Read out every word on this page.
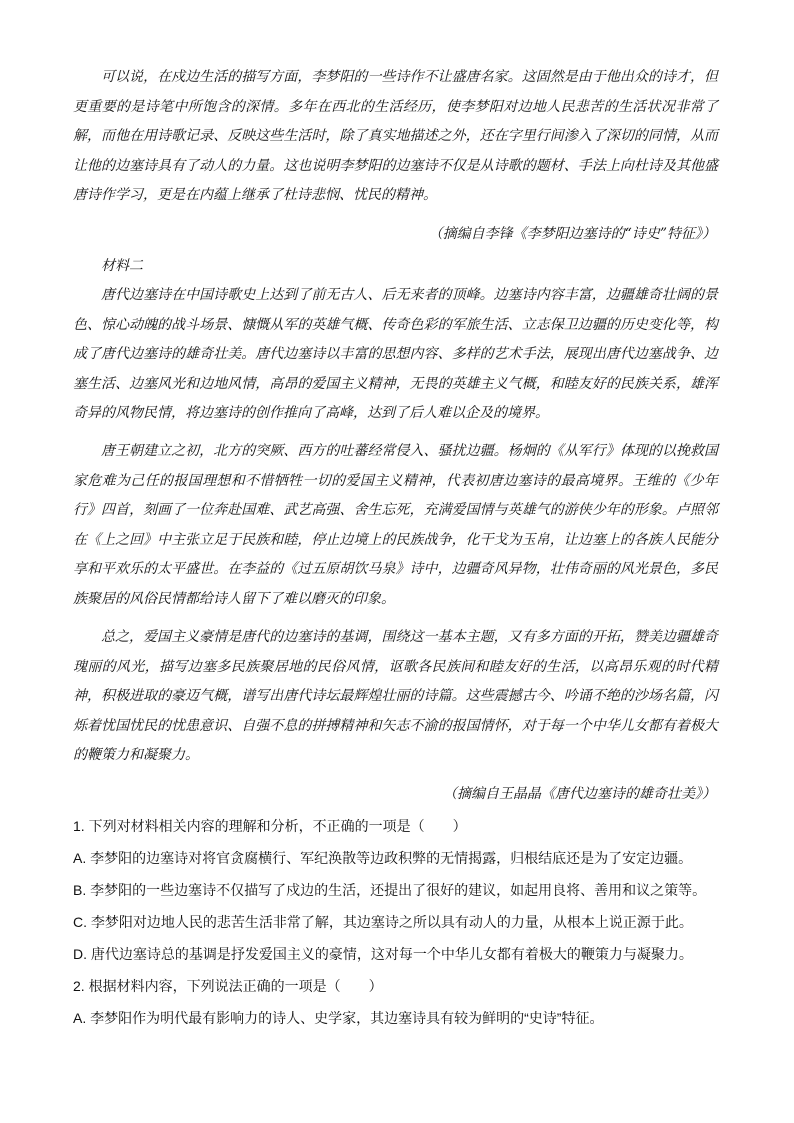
可以说，在戍边生活的描写方面，李梦阳的一些诗作不让盛唐名家。这固然是由于他出众的诗才，但更重要的是诗笔中所饱含的深情。多年在西北的生活经历，使李梦阳对边地人民悲苦的生活状况非常了解，而他在用诗歌记录、反映这些生活时，除了真实地描述之外，还在字里行间渗入了深切的同情，从而让他的边塞诗具有了动人的力量。这也说明李梦阳的边塞诗不仅是从诗歌的题材、手法上向杜诗及其他盛唐诗作学习，更是在内蕴上继承了杜诗悲悯、忧民的精神。

（摘编自李锋《李梦阳边塞诗的“诗史”特征》）
材料二

唐代边塞诗在中国诗歌史上达到了前无古人、后无来者的顶峰。边塞诗内容丰富，边疆雄奇壮阔的景色、惊心动魄的战斗场景、慷慨从军的英雄气概、传奇色彩的军旅生活、立志保卫边疆的历史变化等，构成了唐代边塞诗的雄奇壮美。唐代边塞诗以丰富的思想内容、多样的艺术手法，展现出唐代边塞战争、边塞生活、边塞风光和边地风情，高昂的爱国主义精神，无畏的英雄主义气概，和睦友好的民族关系，雄浑奇异的风物民情，将边塞诗的创作推向了高峰，达到了后人难以企及的境界。

唐王朝建立之初，北方的突厥、西方的吐蕃经常侵入、骚扰边疆。杨炯的《从军行》体现的以挽救国家危难为己任的报国理想和不惜牺牲一切的爱国主义精神，代表初唐边塞诗的最高境界。王维的《少年行》四首，刻画了一位奔赴国难、武艺高强、舍生忘死，充满爱国情与英雄气的游侠少年的形象。卢照邻在《上之回》中主张立足于民族和睦，停止边境上的民族战争，化干戈为玉帛，让边塞上的各族人民能分享和平欢乐的太平盛世。在李益的《过五原胡饮马泉》诗中，边疆奇风异物，壮伟奇丽的风光景色，多民族聚居的风俗民情都给诗人留下了难以磨灭的印象。

总之，爱国主义豪情是唐代的边塞诗的基调，围绕这一基本主题，又有多方面的开拓，赞美边疆雄奇瑰丽的风光，描写边塞多民族聚居地的民俗风情，讴歌各民族间和睦友好的生活，以高昂乐观的时代精神，积极进取的豪迈气概，谱写出唐代诗坛最辉煌壮丽的诗篇。这些震撼古今、吟诵不绝的沙场名篇，闪烁着忧国忧民的忧患意识、自强不息的拼搏精神和矢志不渝的报国情怀，对于每一个中华儿女都有着极大的鞭策力和凝聚力。

（摘编自王晶晶《唐代边塞诗的雄奇壮美》）
1. 下列对材料相关内容的理解和分析，不正确的一项是（　　）
A. 李梦阳的边塞诗对将官贪腐横行、军纪涣散等边政积弊的无情揭露，归根结底还是为了安定边疆。
B. 李梦阳的一些边塞诗不仅描写了戍边的生活，还提出了很好的建议，如起用良将、善用和议之策等。
C. 李梦阳对边地人民的悲苦生活非常了解，其边塞诗之所以具有动人的力量，从根本上说正源于此。
D. 唐代边塞诗总的基调是抒发爱国主义的豪情，这对每一个中华儿女都有着极大的鞭策力与凝聚力。
2. 根据材料内容，下列说法正确的一项是（　　）
A. 李梦阳作为明代最有影响力的诗人、史学家，其边塞诗具有较为鲜明的“史诗”特征。
